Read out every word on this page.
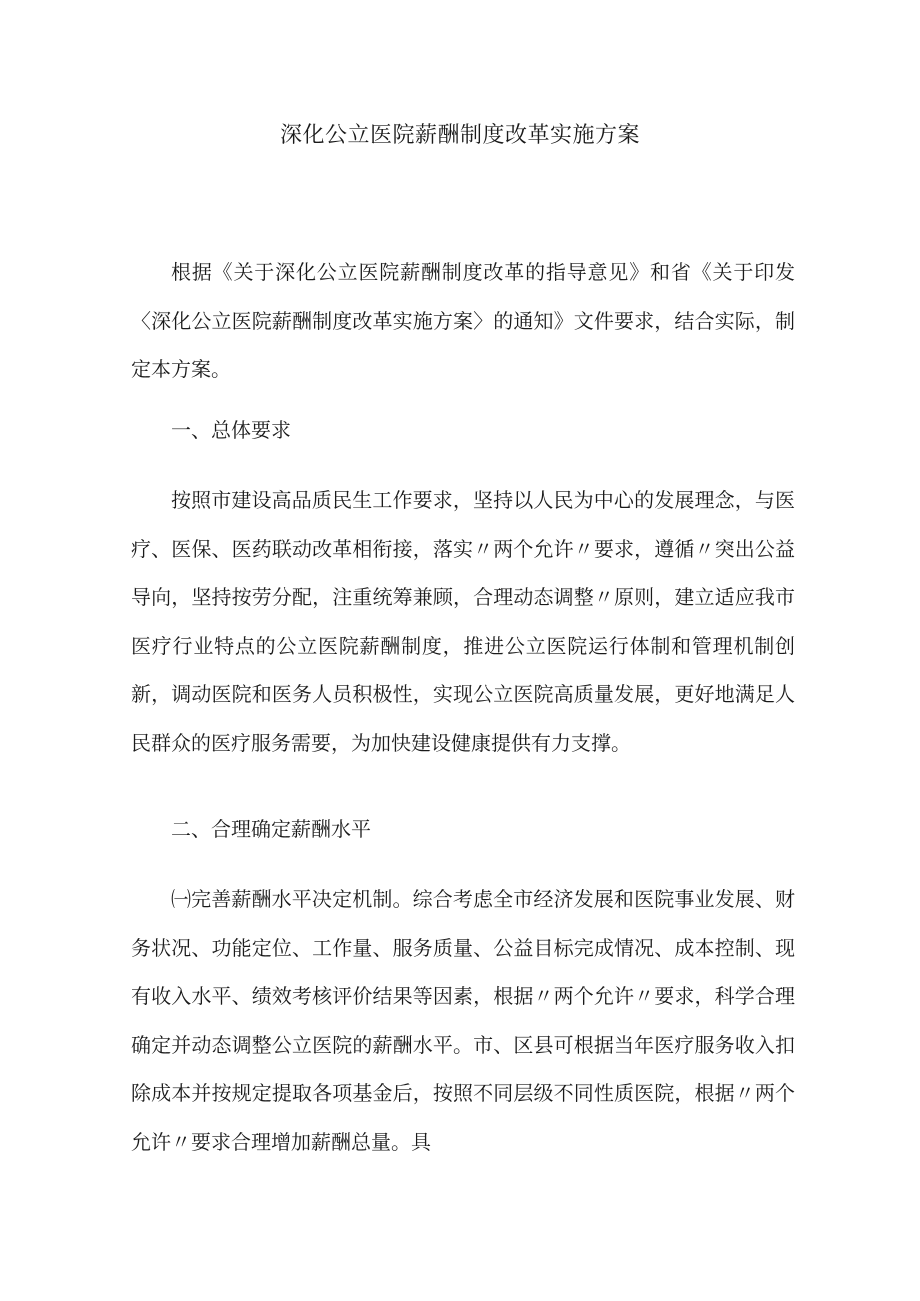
深化公立医院薪酬制度改革实施方案
根据《关于深化公立医院薪酬制度改革的指导意见》和省《关于印发〈深化公立医院薪酬制度改革实施方案〉的通知》文件要求，结合实际，制定本方案。
一、总体要求
按照市建设高品质民生工作要求，坚持以人民为中心的发展理念，与医疗、医保、医药联动改革相衔接，落实〃两个允许〃要求，遵循〃突出公益导向，坚持按劳分配，注重统筹兼顾，合理动态调整〃原则，建立适应我市医疗行业特点的公立医院薪酬制度，推进公立医院运行体制和管理机制创新，调动医院和医务人员积极性，实现公立医院高质量发展，更好地满足人民群众的医疗服务需要，为加快建设健康提供有力支撑。
二、合理确定薪酬水平
㈠完善薪酬水平决定机制。综合考虑全市经济发展和医院事业发展、财务状况、功能定位、工作量、服务质量、公益目标完成情况、成本控制、现有收入水平、绩效考核评价结果等因素，根据〃两个允许〃要求，科学合理确定并动态调整公立医院的薪酬水平。市、区县可根据当年医疗服务收入扣除成本并按规定提取各项基金后，按照不同层级不同性质医院，根据〃两个允许〃要求合理增加薪酬总量。具
